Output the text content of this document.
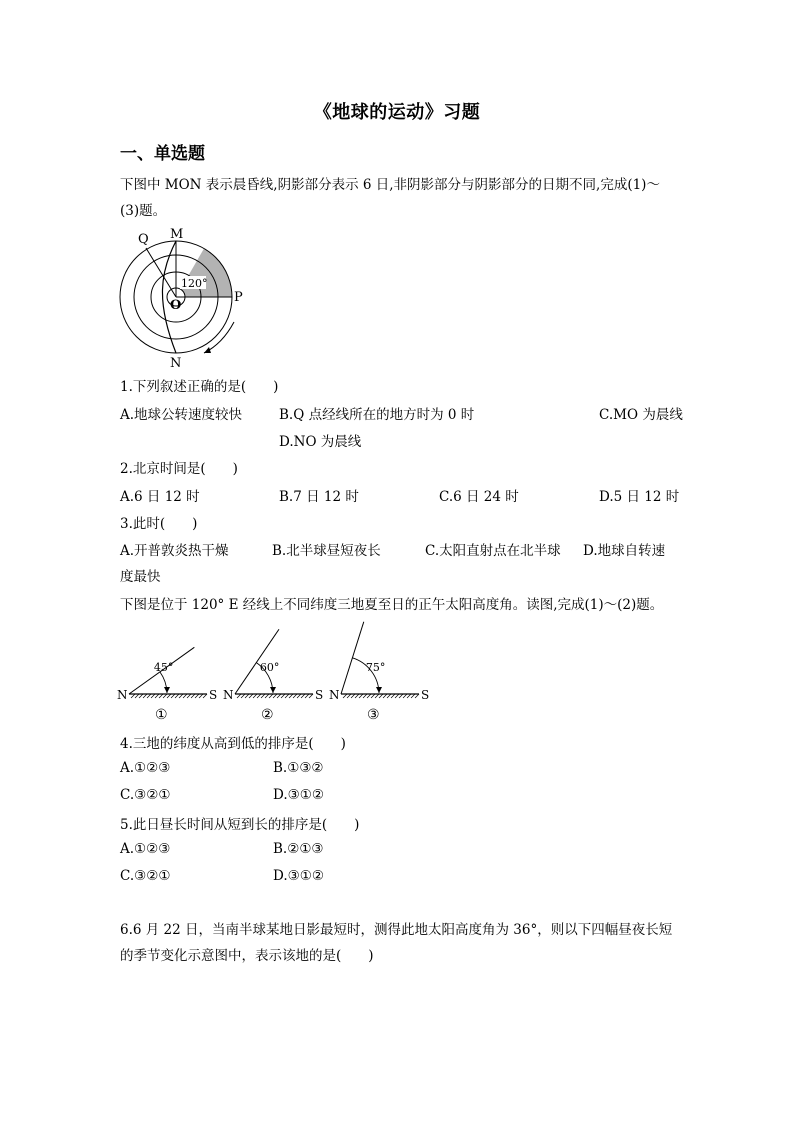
《地球的运动》习题
一、单选题
下图中 MON 表示晨昏线,阴影部分表示 6 日,非阴影部分与阴影部分的日期不同,完成(1)～(3)题。
120°
Q M
O
P
N
1.下列叙述正确的是(　　)
A.地球公转速度较快	B.Q 点经线所在的地方时为 0 时	C.MO 为晨线
D.NO 为晨线
2.北京时间是(　　)
A.6 日 12 时	B.7 日 12 时	C.6 日 24 时	D.5 日 12 时
3.此时(　　)
A.开普敦炎热干燥	B.北半球昼短夜长	C.太阳直射点在北半球 D.地球自转速
度最快
下图是位于 120° E 经线上不同纬度三地夏至日的正午太阳高度角。读图,完成(1)～(2)题。
N	S
45°
①
N	S
60°
②
N	S
75°
③
4.三地的纬度从高到低的排序是(　　)
A.①②③	B.①③②
C.③②①	D.③①②
5.此日昼长时间从短到长的排序是(　　)
A.①②③	B.②①③
C.③②①	D.③①②
6.6 月 22 日，当南半球某地日影最短时，测得此地太阳高度角为 36°，则以下四幅昼夜长短的季节变化示意图中，表示该地的是(　　)
